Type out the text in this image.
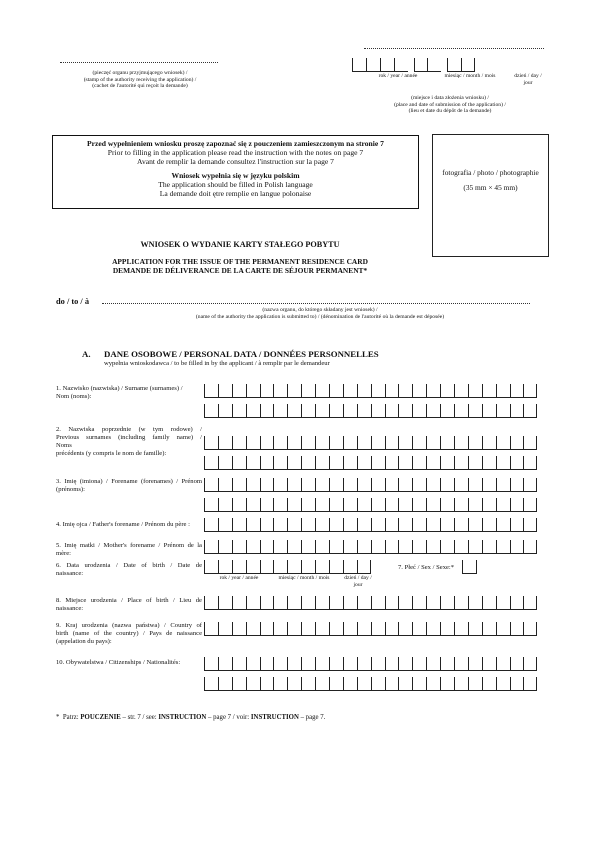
(pieczęć organu przyjmującego wniosek) /
(stamp of the authority receiving the application) /
(cachet de l'autorité qui reçoit la demande)
rok / year / année	miesiąc / month / mois	dzień / day /
jour
(miejsce i data złożenia wniosku) /
(place and date of submission of the application) /
(lieu et date du dépôt de la demande)
Przed wypełnieniem wniosku proszę zapoznać się z pouczeniem zamieszczonym na stronie 7
Prior to filling in the application please read the instruction with the notes on page 7
Avant de remplir la demande consultez l'instruction sur la page 7
Wniosek wypełnia się w języku polskim
The application should be filled in Polish language
La demande doit ętre remplie en langue polonaise
fotografia / photo / photographie
(35 mm × 45 mm)
WNIOSEK O WYDANIE KARTY STAŁEGO POBYTU
APPLICATION FOR THE ISSUE OF THE PERMANENT RESIDENCE CARD
DEMANDE DE DÉLIVERANCE DE LA CARTE DE SÉJOUR PERMANENT*
do / to / à
(nazwa organu, do którego składany jest wniosek) /
(name of the authority the application is submitted to) / (dénomination de l'autorité où la demande est déposée)
A. DANE OSOBOWE / PERSONAL DATA / DONNÉES PERSONNELLES
wypełnia wnioskodawca / to be filled in by the applicant / à remplir par le demandeur
1. Nazwisko (nazwiska) / Surname (surnames) /
Nom (noms):
2. Nazwiska poprzednie (w tym rodowe) /
Previous surnames (including family name) /
Noms
précédents (y compris le nom de famille):
3. Imię (imiona) / Forename (forenames) / Prénom
(prénoms):
4. Imię ojca / Father's forename / Prénom du père :
5. Imię matki / Mother's forename / Prénom de la
mère:
6. Data urodzenia / Date of birth / Date de
naissance:
rok / year / année	miesiąc / month / mois	dzień / day /
jour
7. Płeć / Sex / Sexe:*
8. Miejsce urodzenia / Place of birth / Lieu de
naissance:
9. Kraj urodzenia (nazwa państwa) / Country of
birth (name of the country) / Pays de naissance
(appelation du pays):
10. Obywatelstwa / Citizenships / Nationalités:
* Patrz: POUCZENIE – str. 7 / see: INSTRUCTION – page 7 / voir: INSTRUCTION – page 7.
